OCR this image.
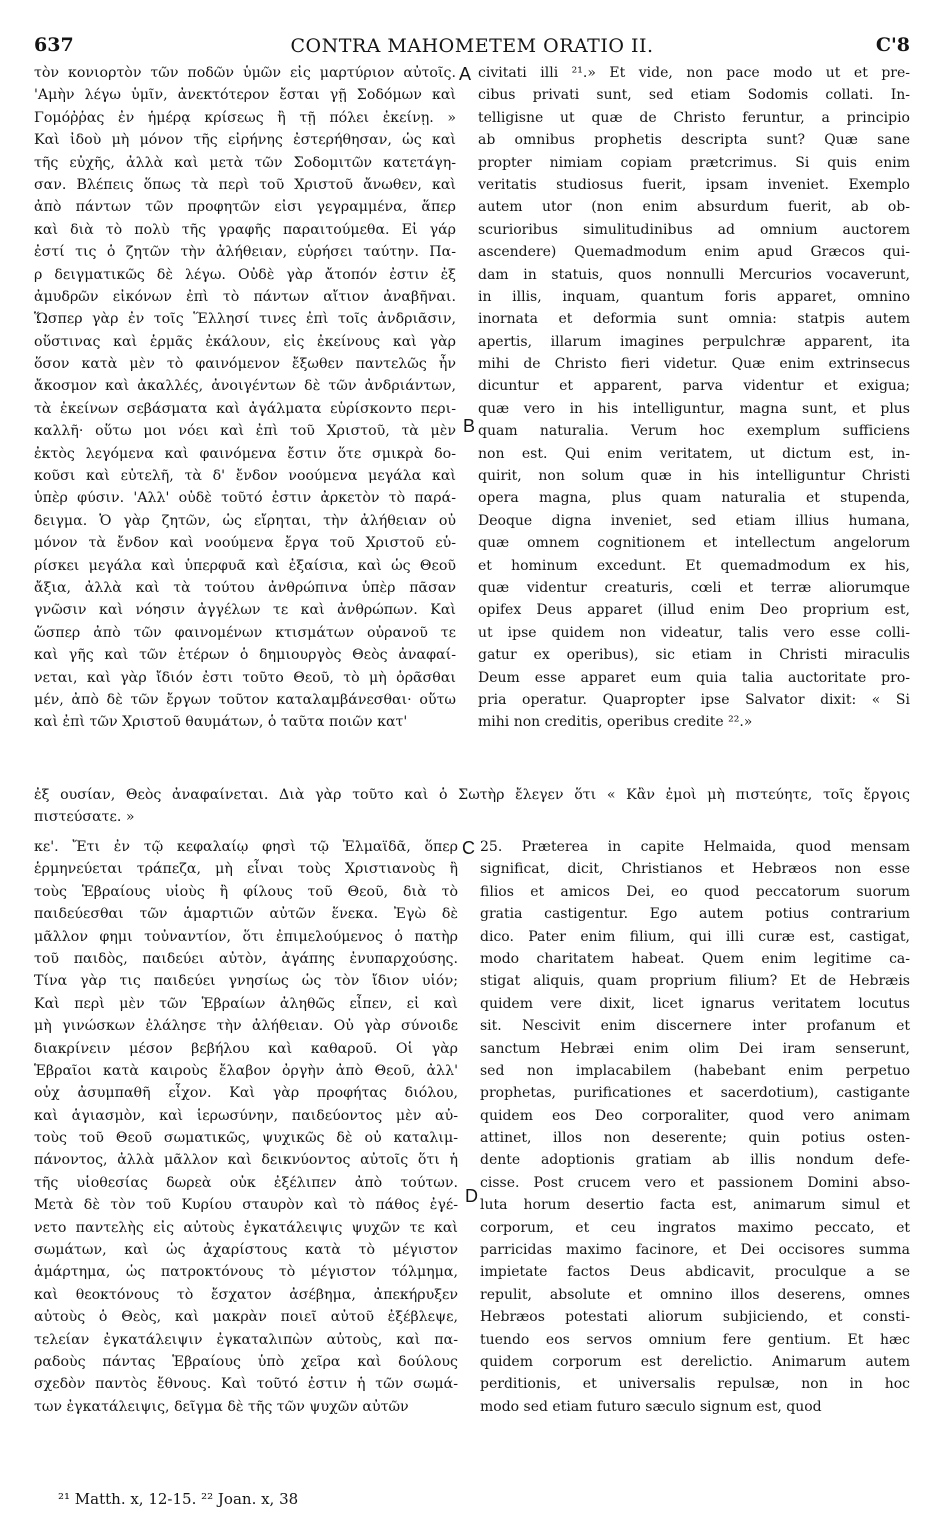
637	CONTRA MAHOMETEM ORATIO II.	C'8
τὸν κονιορτὸν τῶν ποδῶν ὑμῶν εἰς μαρτύριον αὐτοῖς.
'Αμὴν λέγω ὑμῖν, ἀνεκτότερον ἔσται γῇ Σοδόμων καὶ
Γομόῤῥας ἐν ἡμέρᾳ κρίσεως ἢ τῇ πόλει ἐκείνῃ. »
Καὶ ἰδοὺ μὴ μόνον τῆς εἰρήνης ἐστερήθησαν, ὡς καὶ
τῆς εὐχῆς, ἀλλὰ καὶ μετὰ τῶν Σοδομιτῶν κατετάγη-
σαν. Βλέπεις ὅπως τὰ περὶ τοῦ Χριστοῦ ἄνωθεν, καὶ
ἀπὸ πάντων τῶν προφητῶν εἰσι γεγραμμένα, ἅπερ
καὶ διὰ τὸ πολὺ τῆς γραφῆς παραιτούμεθα. Εἰ γάρ
ἐστί τις ὁ ζητῶν τὴν ἀλήθειαν, εὑρήσει ταύτην. Πα-
ρ δειγματικῶς δὲ λέγω. Οὐδὲ γὰρ ἄτοπόν ἐστιν ἐξ
ἀμυδρῶν εἰκόνων ἐπὶ τὸ πάντων αἴτιον ἀναβῆναι.
Ὥσπερ γὰρ ἐν τοῖς Ἕλλησί τινες ἐπὶ τοῖς ἀνδριᾶσιν,
οὕστινας καὶ ἑρμᾶς ἐκάλουν, εἰς ἐκείνους καὶ γὰρ
ὅσον κατὰ μὲν τὸ φαινόμενον ἔξωθεν παντελῶς ἦν
ἄκοσμον καὶ ἀκαλλές, ἀνοιγέντων δὲ τῶν ἀνδριάντων,
τὰ ἐκείνων σεβάσματα καὶ ἀγάλματα εὑρίσκοντο περι-
καλλῆ· οὕτω μοι νόει καὶ ἐπὶ τοῦ Χριστοῦ, τὰ μὲν
ἐκτὸς λεγόμενα καὶ φαινόμενα ἔστιν ὅτε σμικρὰ δο-
κοῦσι καὶ εὐτελῆ, τὰ δ' ἔνδον νοούμενα μεγάλα καὶ
ὑπὲρ φύσιν. 'Αλλ' οὐδὲ τοῦτό ἐστιν ἀρκετὸν τὸ παρά-
δειγμα. Ὁ γὰρ ζητῶν, ὡς εἴρηται, τὴν ἀλήθειαν οὐ
μόνον τὰ ἔνδον καὶ νοούμενα ἔργα τοῦ Χριστοῦ εὑ-
ρίσκει μεγάλα καὶ ὑπερφυᾶ καὶ ἐξαίσια, καὶ ὡς Θεοῦ
ἄξια, ἀλλὰ καὶ τὰ τούτου ἀνθρώπινα ὑπὲρ πᾶσαν
γνῶσιν καὶ νόησιν ἀγγέλων τε καὶ ἀνθρώπων. Καὶ
ὥσπερ ἀπὸ τῶν φαινομένων κτισμάτων οὐρανοῦ τε
καὶ γῆς καὶ τῶν ἑτέρων ὁ δημιουργὸς Θεὸς ἀναφαί-
νεται, καὶ γὰρ ἴδιόν ἐστι τοῦτο Θεοῦ, τὸ μὴ ὁρᾶσθαι
μέν, ἀπὸ δὲ τῶν ἔργων τοῦτον καταλαμβάνεσθαι· οὕτω
καὶ ἐπὶ τῶν Χριστοῦ θαυμάτων, ὁ ταῦτα ποιῶν κατ'
civitati illi ²¹.» Et vide, non pace modo ut et pre-
cibus privati sunt, sed etiam Sodomis collati. In-
telligisne ut quæ de Christo feruntur, a principio
ab omnibus prophetis descripta sunt? Quæ sane
propter nimiam copiam prætcrimus. Si quis enim
veritatis studiosus fuerit, ipsam inveniet. Exemplo
autem utor (non enim absurdum fuerit, ab ob-
scurioribus simulitudinibus ad omnium auctorem
ascendere) Quemadmodum enim apud Græcos qui-
dam in statuis, quos nonnulli Mercurios vocaverunt,
in illis, inquam, quantum foris apparet, omnino
inornata et deformia sunt omnia: statpis autem
apertis, illarum imagines perpulchræ apparent, ita
mihi de Christo fieri videtur. Quæ enim extrinsecus
dicuntur et apparent, parva videntur et exigua;
quæ vero in his intelliguntur, magna sunt, et plus
quam naturalia. Verum hoc exemplum sufficiens
non est. Qui enim veritatem, ut dictum est, in-
quirit, non solum quæ in his intelliguntur Christi
opera magna, plus quam naturalia et stupenda,
Deoque digna inveniet, sed etiam illius humana,
quæ omnem cognitionem et intellectum angelorum
et hominum excedunt. Et quemadmodum ex his,
quæ videntur creaturis, cœli et terræ aliorumque
opifex Deus apparet (illud enim Deo proprium est,
ut ipse quidem non videatur, talis vero esse colli-
gatur ex operibus), sic etiam in Christi miraculis
Deum esse apparet eum quia talia auctoritate pro-
pria operatur. Quapropter ipse Salvator dixit: « Si
mihi non creditis, operibus credite ²².»
ἐξ ουσίαν, Θεὸς ἀναφαίνεται. Διὰ γὰρ τοῦτο καὶ ὁ Σωτὴρ ἔλεγεν ὅτι « Κἂν ἐμοὶ μὴ πιστεύητε, τοῖς ἔργοις
πιστεύσατε. »
κε'. Ἔτι ἐν τῷ κεφαλαίῳ φησὶ τῷ Ἐλμαϊδᾶ, ὅπερ
ἑρμηνεύεται τράπεζα, μὴ εἶναι τοὺς Χριστιανοὺς ἢ
τοὺς Ἑβραίους υἱοὺς ἢ φίλους τοῦ Θεοῦ, διὰ τὸ
παιδεύεσθαι τῶν ἁμαρτιῶν αὐτῶν ἕνεκα. Ἐγὼ δὲ
μᾶλλον φημι τοὐναντίον, ὅτι ἐπιμελούμενος ὁ πατὴρ
τοῦ παιδὸς, παιδεύει αὐτὸν, ἀγάπης ἐνυπαρχούσης.
Τίνα γὰρ τις παιδεύει γνησίως ὡς τὸν ἴδιον υἱόν;
Καὶ περὶ μὲν τῶν Ἑβραίων ἀληθῶς εἶπεν, εἰ καὶ
μὴ γινώσκων ἐλάλησε τὴν ἀλήθειαν. Οὐ γὰρ σύνοιδε
διακρίνειν μέσον βεβήλου καὶ καθαροῦ. Οἱ γὰρ
Ἑβραῖοι κατὰ καιροὺς ἔλαβον ὀργὴν ἀπὸ Θεοῦ, ἀλλ'
οὐχ ἀσυμπαθῆ εἶχον. Καὶ γὰρ προφήτας διόλου,
καὶ ἁγιασμὸν, καὶ ἱερωσύνην, παιδεύοντος μὲν αὐ-
τοὺς τοῦ Θεοῦ σωματικῶς, ψυχικῶς δὲ οὐ καταλιμ-
πάνοντος, ἀλλὰ μᾶλλον καὶ δεικνύοντος αὐτοῖς ὅτι ἡ
τῆς υἱοθεσίας δωρεὰ οὐκ ἐξέλιπεν ἀπὸ τούτων.
Μετὰ δὲ τὸν τοῦ Κυρίου σταυρὸν καὶ τὸ πάθος ἐγέ-
νετο παντελὴς εἰς αὐτοὺς ἐγκατάλειψις ψυχῶν τε καὶ
σωμάτων, καὶ ὡς ἀχαρίστους κατὰ τὸ μέγιστον
ἁμάρτημα, ὡς πατροκτόνους τὸ μέγιστον τόλμημα,
καὶ θεοκτόνους τὸ ἔσχατον ἀσέβημα, ἀπεκήρυξεν
αὐτοὺς ὁ Θεὸς, καὶ μακρὰν ποιεῖ αὐτοῦ ἐξέβλεψε,
τελείαν ἐγκατάλειψιν ἐγκαταλιπὼν αὐτοὺς, καὶ πα-
ραδοὺς πάντας Ἑβραίους ὑπὸ χεῖρα καὶ δούλους
σχεδὸν παντὸς ἔθνους. Καὶ τοῦτό ἐστιν ἡ τῶν σωμά-
των ἐγκατάλειψις, δεῖγμα δὲ τῆς τῶν ψυχῶν αὐτῶν
25. Præterea in capite Helmaida, quod mensam
significat, dicit, Christianos et Hebræos non esse
filios et amicos Dei, eo quod peccatorum suorum
gratia castigentur. Ego autem potius contrarium
dico. Pater enim filium, qui illi curæ est, castigat,
modo charitatem habeat. Quem enim legitime ca-
stigat aliquis, quam proprium filium? Et de Hebræis
quidem vere dixit, licet ignarus veritatem locutus
sit. Nescivit enim discernere inter profanum et
sanctum Hebræi enim olim Dei iram senserunt,
sed non implacabilem (habebant enim perpetuo
prophetas, purificationes et sacerdotium), castigante
quidem eos Deo corporaliter, quod vero animam
attinet, illos non deserente; quin potius osten-
dente adoptionis gratiam ab illis nondum defe-
cisse. Post crucem vero et passionem Domini abso-
luta horum desertio facta est, animarum simul et
corporum, et ceu ingratos maximo peccato, et
parricidas maximo facinore, et Dei occisores summa
impietate factos Deus abdicavit, proculque a se
repulit, absolute et omnino illos deserens, omnes
Hebræos potestati aliorum subjiciendo, et consti-
tuendo eos servos omnium fere gentium. Et hæc
quidem corporum est derelictio. Animarum autem
perditionis, et universalis repulsæ, non in hoc
modo sed etiam futuro sæculo signum est, quod
A
B
C
D
²¹ Matth. x, 12-15. ²² Joan. x, 38
